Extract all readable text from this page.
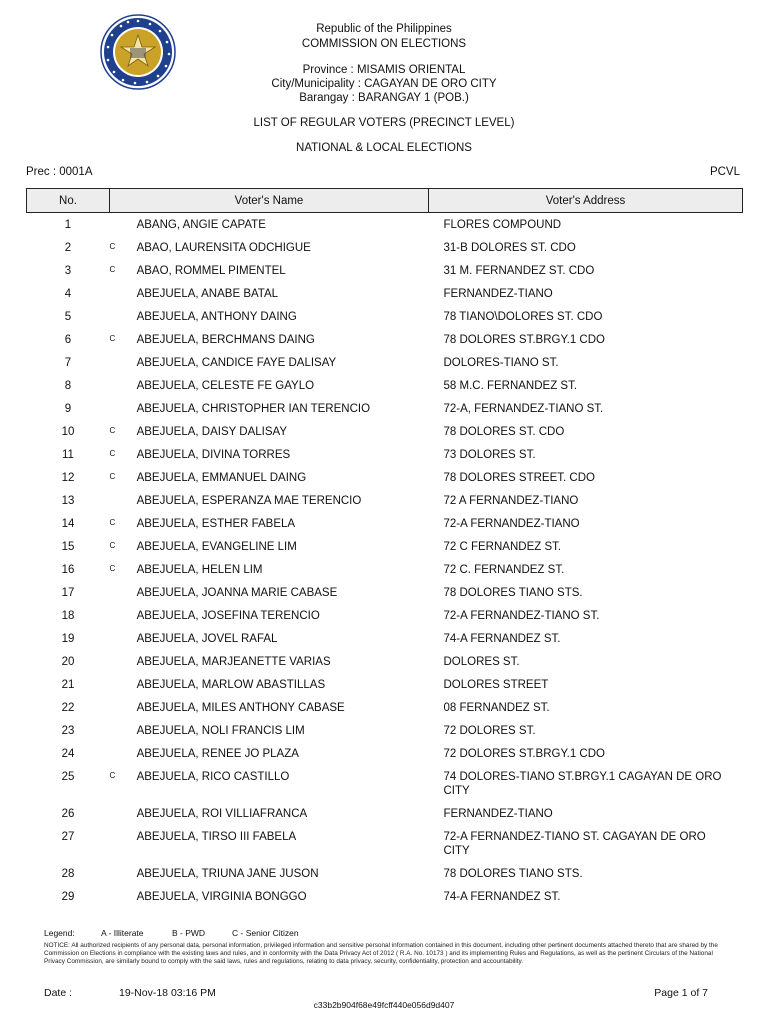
Republic of the Philippines
COMMISSION ON ELECTIONS
Province : MISAMIS ORIENTAL
City/Municipality : CAGAYAN DE ORO CITY
Barangay : BARANGAY 1 (POB.)
LIST OF REGULAR VOTERS (PRECINCT LEVEL)
NATIONAL & LOCAL ELECTIONS
Prec : 0001A	PCVL
No.	Voter's Name		Voter's Address
1		ABANG, ANGIE CAPATE	FLORES COMPOUND
2	C	ABAO, LAURENSITA ODCHIGUE	31-B DOLORES ST. CDO
3	C	ABAO, ROMMEL PIMENTEL	31 M. FERNANDEZ ST. CDO
4		ABEJUELA, ANABE BATAL	FERNANDEZ-TIANO
5		ABEJUELA, ANTHONY DAING	78 TIANO\DOLORES ST. CDO
6	C	ABEJUELA, BERCHMANS DAING	78 DOLORES ST.BRGY.1 CDO
7		ABEJUELA, CANDICE FAYE DALISAY	DOLORES-TIANO ST.
8		ABEJUELA, CELESTE FE GAYLO	58 M.C. FERNANDEZ ST.
9		ABEJUELA, CHRISTOPHER IAN TERENCIO	72-A, FERNANDEZ-TIANO ST.
10	C	ABEJUELA, DAISY DALISAY	78 DOLORES ST. CDO
11	C	ABEJUELA, DIVINA TORRES	73 DOLORES ST.
12	C	ABEJUELA, EMMANUEL DAING	78 DOLORES STREET. CDO
13		ABEJUELA, ESPERANZA MAE TERENCIO	72 A FERNANDEZ-TIANO
14	C	ABEJUELA, ESTHER FABELA	72-A FERNANDEZ-TIANO
15	C	ABEJUELA, EVANGELINE LIM	72 C FERNANDEZ ST.
16	C	ABEJUELA, HELEN LIM	72 C. FERNANDEZ ST.
17		ABEJUELA, JOANNA MARIE CABASE	78 DOLORES TIANO STS.
18		ABEJUELA, JOSEFINA TERENCIO	72-A FERNANDEZ-TIANO ST.
19		ABEJUELA, JOVEL RAFAL	74-A FERNANDEZ ST.
20		ABEJUELA, MARJEANETTE VARIAS	DOLORES ST.
21		ABEJUELA, MARLOW ABASTILLAS	DOLORES STREET
22		ABEJUELA, MILES ANTHONY CABASE	08 FERNANDEZ ST.
23		ABEJUELA, NOLI FRANCIS LIM	72 DOLORES ST.
24		ABEJUELA, RENEE JO PLAZA	72 DOLORES ST.BRGY.1 CDO
25	C	ABEJUELA, RICO CASTILLO	74 DOLORES-TIANO ST.BRGY.1 CAGAYAN DE ORO CITY
26		ABEJUELA, ROI VILLIAFRANCA	FERNANDEZ-TIANO
27		ABEJUELA, TIRSO III FABELA	72-A FERNANDEZ-TIANO ST. CAGAYAN DE ORO CITY
28		ABEJUELA, TRIUNA JANE JUSON	78 DOLORES TIANO STS.
29		ABEJUELA, VIRGINIA BONGGO	74-A FERNANDEZ ST.
Legend:	A - Illiterate	B - PWD	C - Senior Citizen
NOTICE: All authorized recipients of any personal data, personal information, privileged information and sensitive personal information contained in this document, including other pertinent documents attached thereto that are shared by the Commission on Elections in compliance with the existing laws and rules, and in conformity with the Data Privacy Act of 2012 ( R.A. No. 10173 ) and its implementing Rules and Regulations, as well as the pertinent Circulars of the National Privacy Commission, are similarly bound to comply with the said laws, rules and regulations, relating to data privacy, security, confidentiality, protection and accountability.
Date :	19-Nov-18 03:16 PM	Page 1 of 7
c33b2b904f68e49fcff440e056d9d407
